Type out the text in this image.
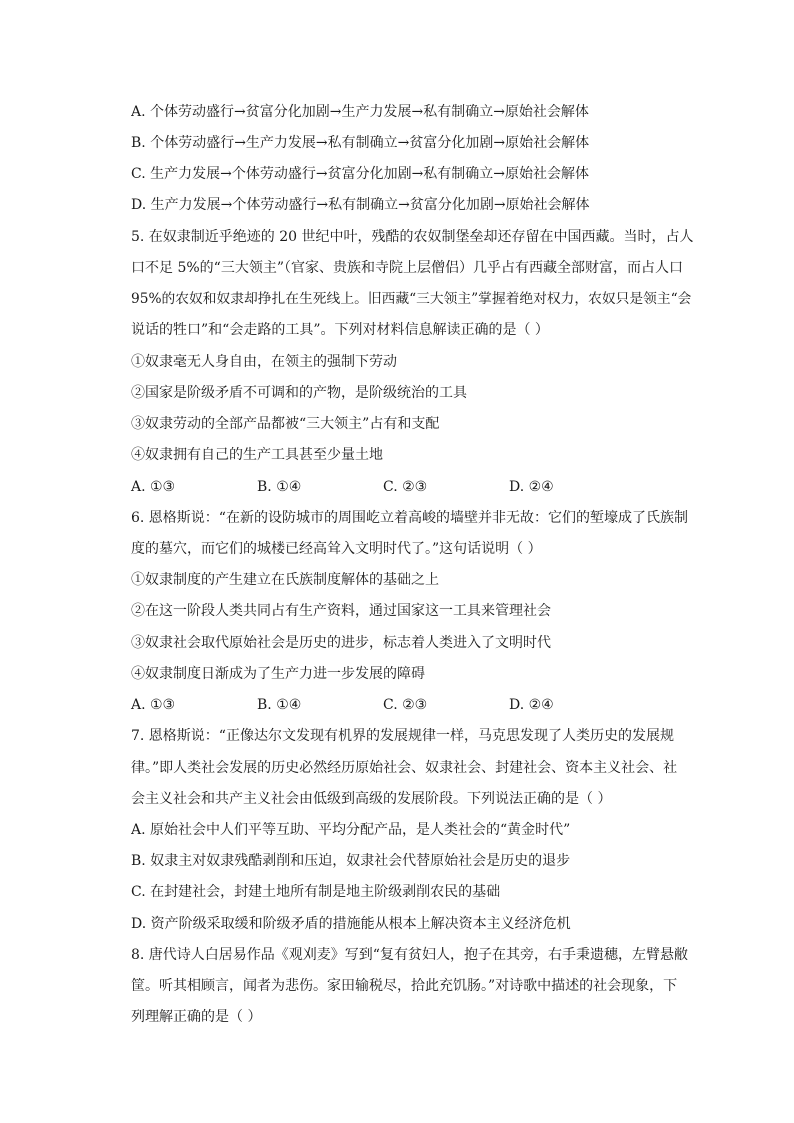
A. 个体劳动盛行→贫富分化加剧→生产力发展→私有制确立→原始社会解体
B. 个体劳动盛行→生产力发展→私有制确立→贫富分化加剧→原始社会解体
C. 生产力发展→个体劳动盛行→贫富分化加剧→私有制确立→原始社会解体
D. 生产力发展→个体劳动盛行→私有制确立→贫富分化加剧→原始社会解体
5. 在奴隶制近乎绝迹的 20 世纪中叶，残酷的农奴制堡垒却还存留在中国西藏。当时，占人
口不足 5%的“三大领主”（官家、贵族和寺院上层僧侣）几乎占有西藏全部财富，而占人口
95%的农奴和奴隶却挣扎在生死线上。旧西藏“三大领主”掌握着绝对权力，农奴只是领主“会
说话的牲口”和“会走路的工具”。下列对材料信息解读正确的是（ ）
①奴隶毫无人身自由，在领主的强制下劳动
②国家是阶级矛盾不可调和的产物，是阶级统治的工具
③奴隶劳动的全部产品都被“三大领主”占有和支配
④奴隶拥有自己的生产工具甚至少量土地
A. ①③	B. ①④	C. ②③	D. ②④
6. 恩格斯说：“在新的设防城市的周围屹立着高峻的墙壁并非无故：它们的堑壕成了氏族制
度的墓穴，而它们的城楼已经高耸入文明时代了。”这句话说明（ ）
①奴隶制度的产生建立在氏族制度解体的基础之上
②在这一阶段人类共同占有生产资料，通过国家这一工具来管理社会
③奴隶社会取代原始社会是历史的进步，标志着人类进入了文明时代
④奴隶制度日渐成为了生产力进一步发展的障碍
A. ①③	B. ①④	C. ②③	D. ②④
7. 恩格斯说：“正像达尔文发现有机界的发展规律一样，马克思发现了人类历史的发展规
律。”即人类社会发展的历史必然经历原始社会、奴隶社会、封建社会、资本主义社会、社
会主义社会和共产主义社会由低级到高级的发展阶段。下列说法正确的是（ ）
A. 原始社会中人们平等互助、平均分配产品，是人类社会的“黄金时代”
B. 奴隶主对奴隶残酷剥削和压迫，奴隶社会代替原始社会是历史的退步
C. 在封建社会，封建土地所有制是地主阶级剥削农民的基础
D. 资产阶级采取缓和阶级矛盾的措施能从根本上解决资本主义经济危机
8. 唐代诗人白居易作品《观刈麦》写到“复有贫妇人，抱子在其旁，右手秉遗穗，左臂悬敝
筐。听其相顾言，闻者为悲伤。家田输税尽，拾此充饥肠。”对诗歌中描述的社会现象，下
列理解正确的是（ ）
